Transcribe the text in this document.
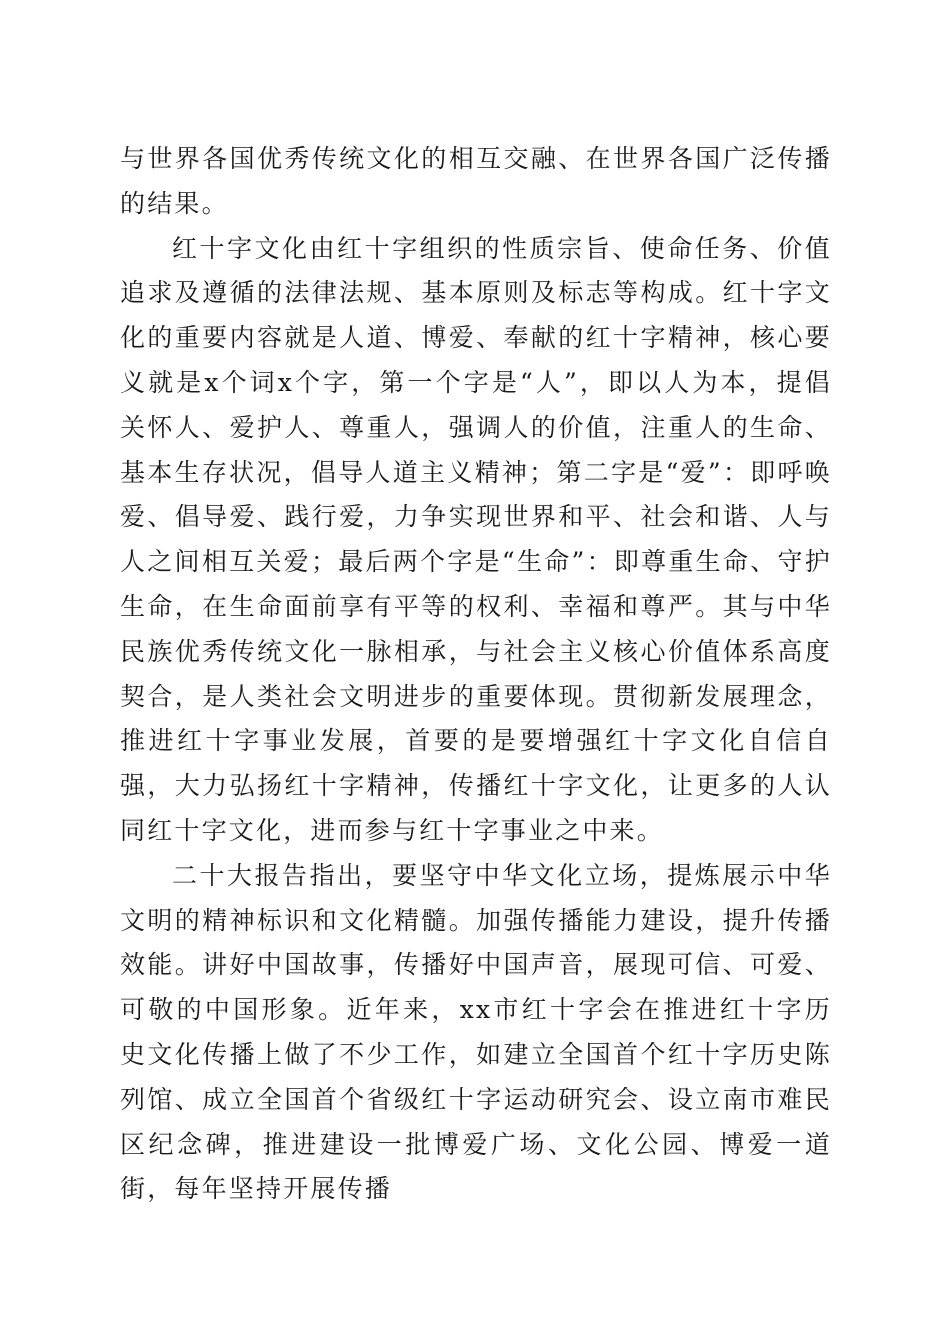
与世界各国优秀传统文化的相互交融、在世界各国广泛传播的结果。

红十字文化由红十字组织的性质宗旨、使命任务、价值追求及遵循的法律法规、基本原则及标志等构成。红十字文化的重要内容就是人道、博爱、奉献的红十字精神，核心要义就是x个词x个字，第一个字是“人”，即以人为本，提倡关怀人、爱护人、尊重人，强调人的价值，注重人的生命、基本生存状况，倡导人道主义精神；第二字是“爱”：即呼唤爱、倡导爱、践行爱，力争实现世界和平、社会和谐、人与人之间相互关爱；最后两个字是“生命”：即尊重生命、守护生命，在生命面前享有平等的权利、幸福和尊严。其与中华民族优秀传统文化一脉相承，与社会主义核心价值体系高度契合，是人类社会文明进步的重要体现。贯彻新发展理念，推进红十字事业发展，首要的是要增强红十字文化自信自强，大力弘扬红十字精神，传播红十字文化，让更多的人认同红十字文化，进而参与红十字事业之中来。

二十大报告指出，要坚守中华文化立场，提炼展示中华文明的精神标识和文化精髓。加强传播能力建设，提升传播效能。讲好中国故事，传播好中国声音，展现可信、可爱、可敬的中国形象。近年来，xx市红十字会在推进红十字历史文化传播上做了不少工作，如建立全国首个红十字历史陈列馆、成立全国首个省级红十字运动研究会、设立南市难民区纪念碑，推进建设一批博爱广场、文化公园、博爱一道街，每年坚持开展传播
